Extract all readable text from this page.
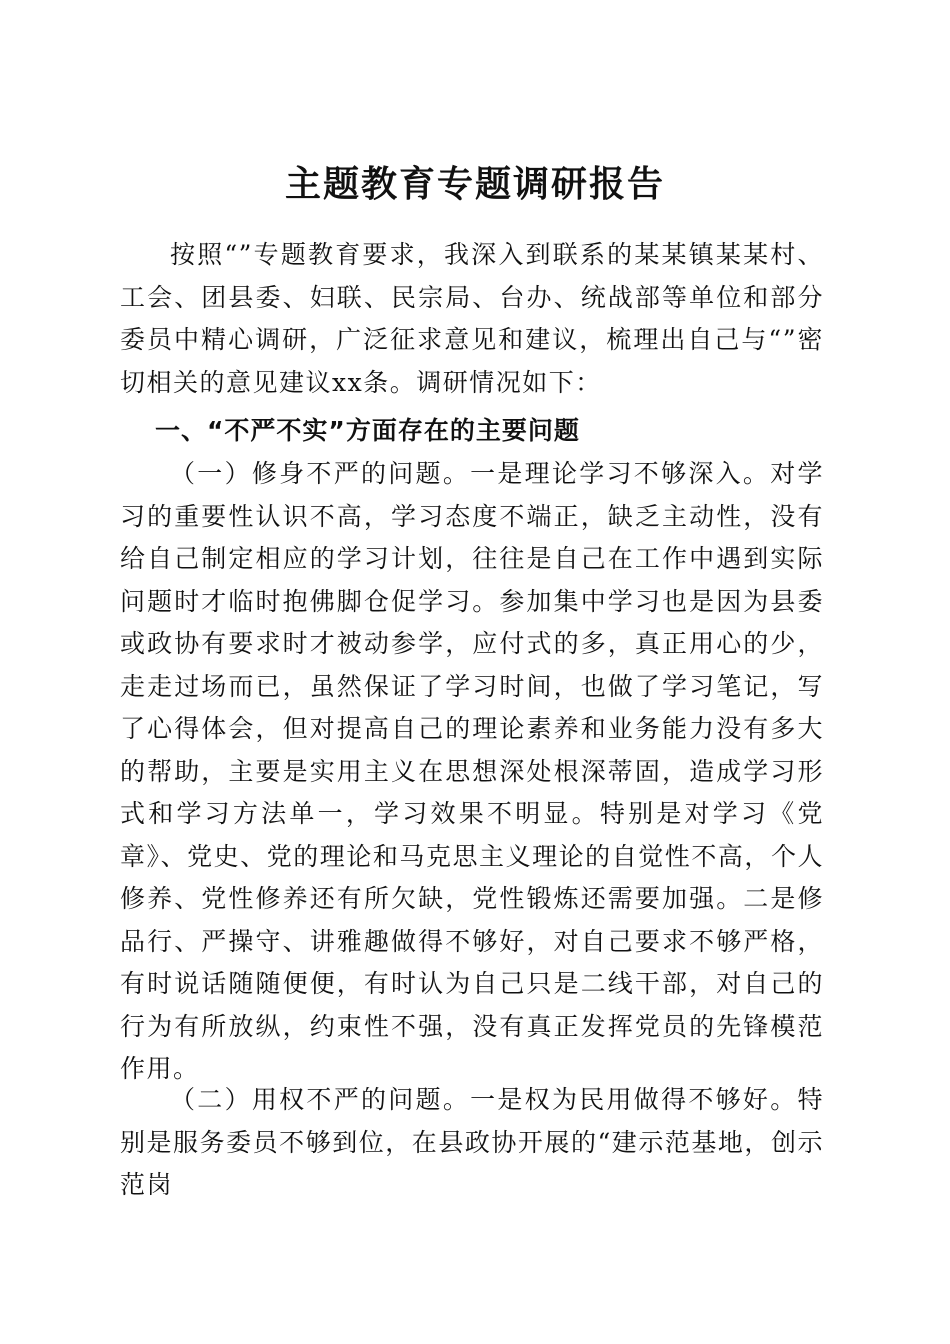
主题教育专题调研报告

按照“”专题教育要求，我深入到联系的某某镇某某村、工会、团县委、妇联、民宗局、台办、统战部等单位和部分委员中精心调研，广泛征求意见和建议，梳理出自己与“”密切相关的意见建议xx条。调研情况如下：

一、“不严不实”方面存在的主要问题

（一）修身不严的问题。一是理论学习不够深入。对学习的重要性认识不高，学习态度不端正，缺乏主动性，没有给自己制定相应的学习计划，往往是自己在工作中遇到实际问题时才临时抱佛脚仓促学习。参加集中学习也是因为县委或政协有要求时才被动参学，应付式的多，真正用心的少，走走过场而已，虽然保证了学习时间，也做了学习笔记，写了心得体会，但对提高自己的理论素养和业务能力没有多大的帮助，主要是实用主义在思想深处根深蒂固，造成学习形式和学习方法单一，学习效果不明显。特别是对学习《党章》、党史、党的理论和马克思主义理论的自觉性不高，个人修养、党性修养还有所欠缺，党性锻炼还需要加强。二是修品行、严操守、讲雅趣做得不够好，对自己要求不够严格，有时说话随随便便，有时认为自己只是二线干部，对自己的行为有所放纵，约束性不强，没有真正发挥党员的先锋模范作用。

（二）用权不严的问题。一是权为民用做得不够好。特别是服务委员不够到位，在县政协开展的“建示范基地，创示范岗
